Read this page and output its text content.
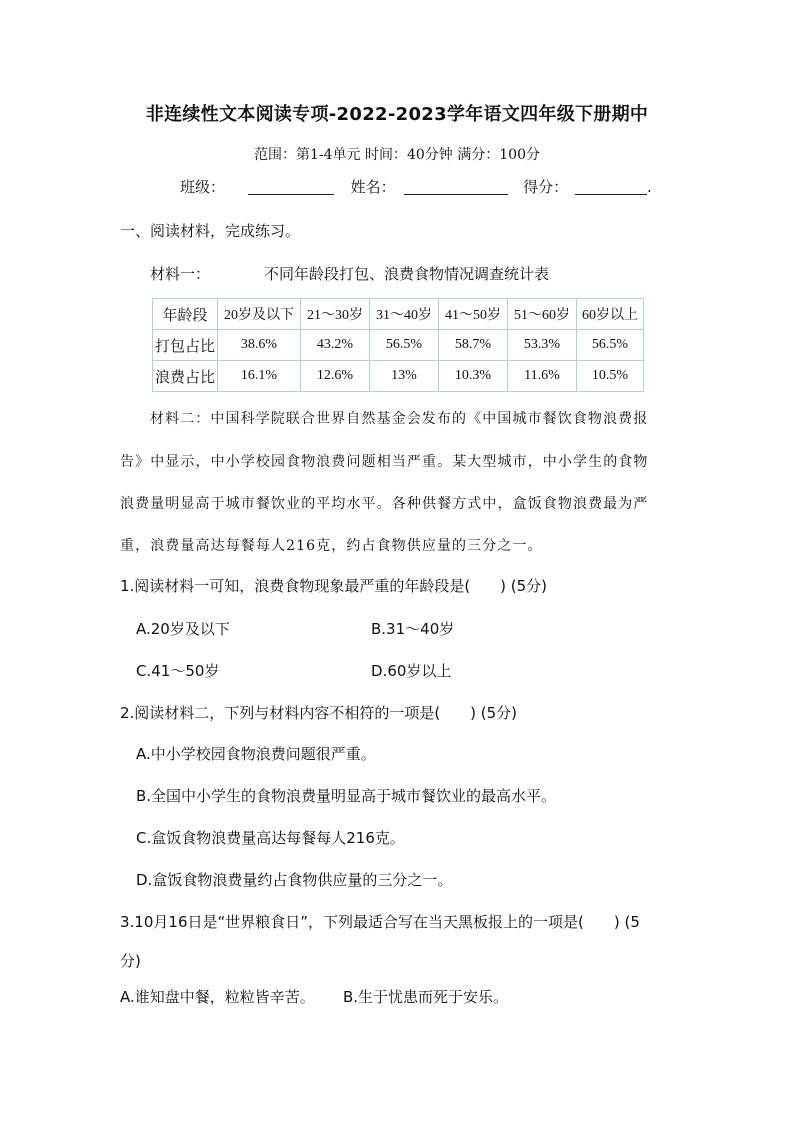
非连续性文本阅读专项-2022-2023学年语文四年级下册期中
范围：第1-4单元 时间：40分钟 满分：100分
班级：	姓名：	得分：	.
一、阅读材料，完成练习。
材料一：	不同年龄段打包、浪费食物情况调查统计表
年龄段	20岁及以下	21～30岁	31～40岁	41～50岁	51～60岁	60岁以上
打包占比	38.6%	43.2%	56.5%	58.7%	53.3%	56.5%
浪费占比	16.1%	12.6%	13%	10.3%	11.6%	10.5%
材料二：中国科学院联合世界自然基金会发布的《中国城市餐饮食物浪费报
告》中显示，中小学校园食物浪费问题相当严重。某大型城市，中小学生的食物
浪费量明显高于城市餐饮业的平均水平。各种供餐方式中，盒饭食物浪费最为严
重，浪费量高达每餐每人216克，约占食物供应量的三分之一。
1.阅读材料一可知，浪费食物现象最严重的年龄段是(　　) (5分)
A.20岁及以下	B.31～40岁
C.41～50岁	D.60岁以上
2.阅读材料二，下列与材料内容不相符的一项是(　　) (5分)
A.中小学校园食物浪费问题很严重。
B.全国中小学生的食物浪费量明显高于城市餐饮业的最高水平。
C.盒饭食物浪费量高达每餐每人216克。
D.盒饭食物浪费量约占食物供应量的三分之一。
3.10月16日是“世界粮食日”，下列最适合写在当天黑板报上的一项是(　　) (5
分)
A.谁知盘中餐，粒粒皆辛苦。 B.生于忧患而死于安乐。
